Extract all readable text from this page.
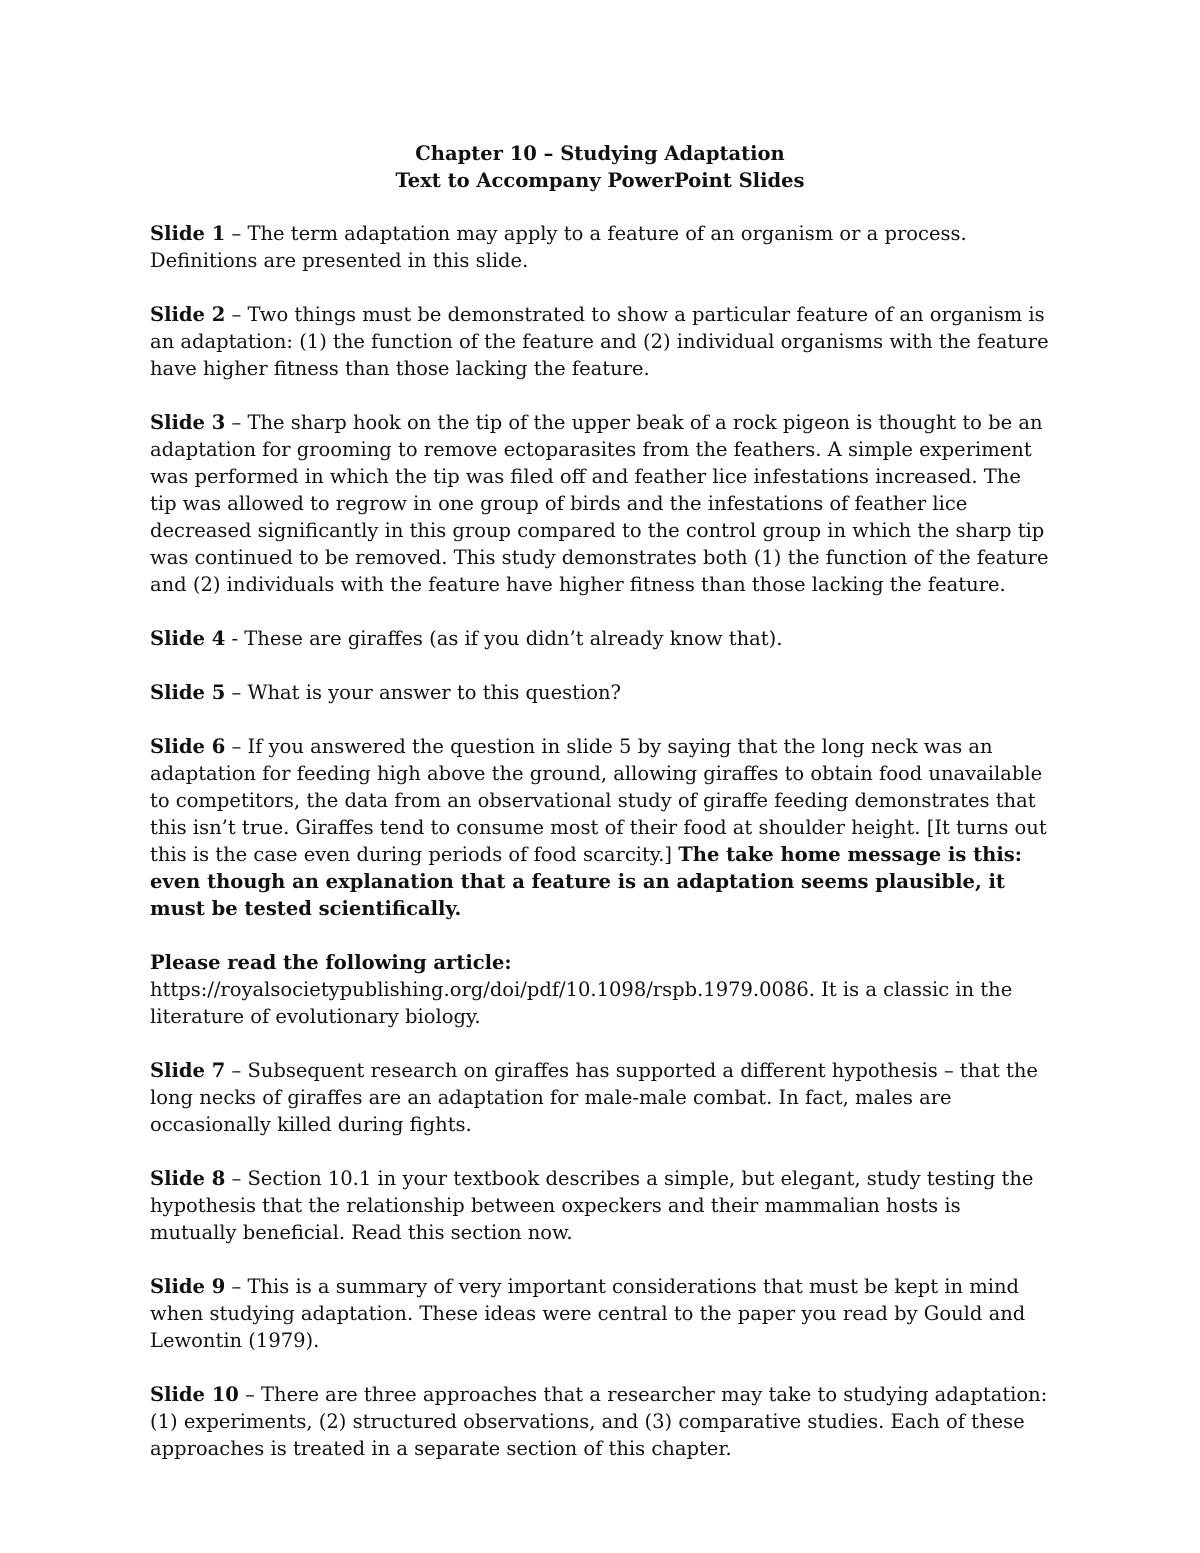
Chapter 10 – Studying Adaptation
Text to Accompany PowerPoint Slides

Slide 1 – The term adaptation may apply to a feature of an organism or a process. Definitions are presented in this slide.

Slide 2 – Two things must be demonstrated to show a particular feature of an organism is an adaptation: (1) the function of the feature and (2) individual organisms with the feature have higher fitness than those lacking the feature.

Slide 3 – The sharp hook on the tip of the upper beak of a rock pigeon is thought to be an adaptation for grooming to remove ectoparasites from the feathers. A simple experiment was performed in which the tip was filed off and feather lice infestations increased. The tip was allowed to regrow in one group of birds and the infestations of feather lice decreased significantly in this group compared to the control group in which the sharp tip was continued to be removed. This study demonstrates both (1) the function of the feature and (2) individuals with the feature have higher fitness than those lacking the feature.

Slide 4 - These are giraffes (as if you didn’t already know that).

Slide 5 – What is your answer to this question?

Slide 6 – If you answered the question in slide 5 by saying that the long neck was an adaptation for feeding high above the ground, allowing giraffes to obtain food unavailable to competitors, the data from an observational study of giraffe feeding demonstrates that this isn’t true. Giraffes tend to consume most of their food at shoulder height. [It turns out this is the case even during periods of food scarcity.] The take home message is this: even though an explanation that a feature is an adaptation seems plausible, it must be tested scientifically.

Please read the following article: https://royalsocietypublishing.org/doi/pdf/10.1098/rspb.1979.0086. It is a classic in the literature of evolutionary biology.

Slide 7 – Subsequent research on giraffes has supported a different hypothesis – that the long necks of giraffes are an adaptation for male-male combat. In fact, males are occasionally killed during fights.

Slide 8 – Section 10.1 in your textbook describes a simple, but elegant, study testing the hypothesis that the relationship between oxpeckers and their mammalian hosts is mutually beneficial. Read this section now.

Slide 9 – This is a summary of very important considerations that must be kept in mind when studying adaptation. These ideas were central to the paper you read by Gould and Lewontin (1979).

Slide 10 – There are three approaches that a researcher may take to studying adaptation: (1) experiments, (2) structured observations, and (3) comparative studies. Each of these approaches is treated in a separate section of this chapter.
